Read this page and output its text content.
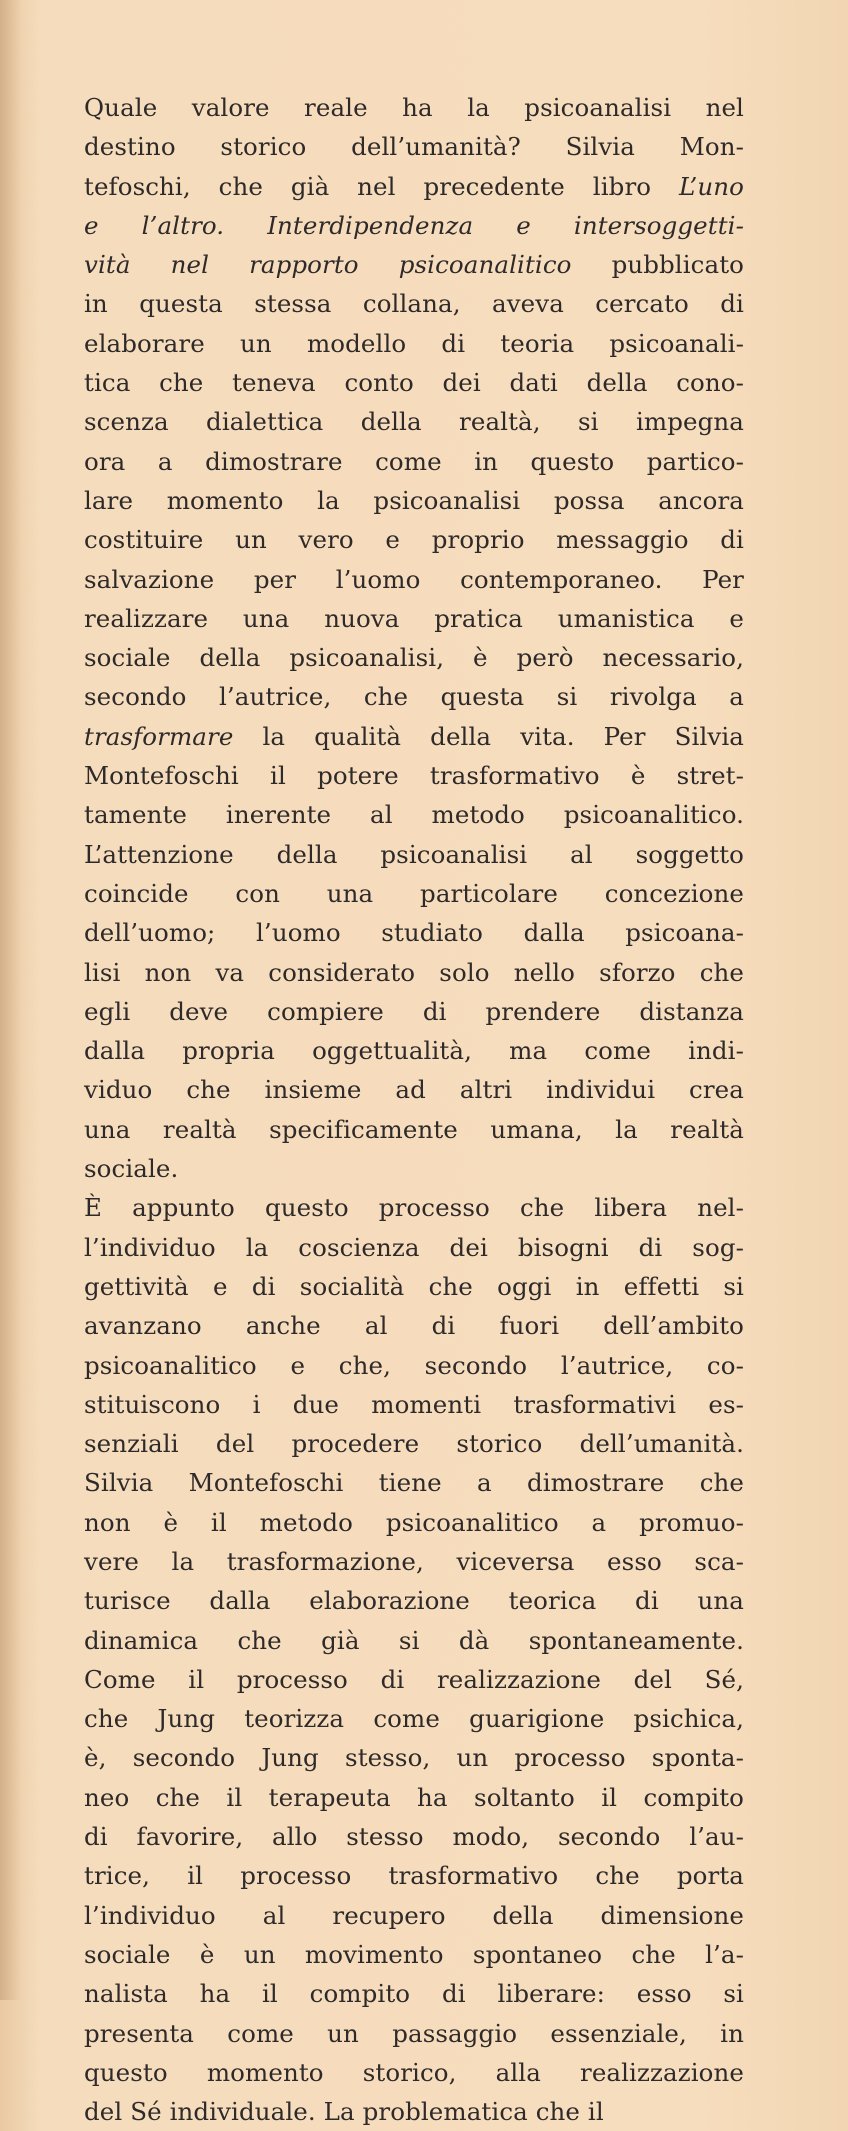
Quale valore reale ha la psicoanalisi nel
destino storico dell’umanità? Silvia Mon-
tefoschi, che già nel precedente libro L’uno
e l’altro. Interdipendenza e intersoggetti-
vità nel rapporto psicoanalitico pubblicato
in questa stessa collana, aveva cercato di
elaborare un modello di teoria psicoanali-
tica che teneva conto dei dati della cono-
scenza dialettica della realtà, si impegna
ora a dimostrare come in questo partico-
lare momento la psicoanalisi possa ancora
costituire un vero e proprio messaggio di
salvazione per l’uomo contemporaneo. Per
realizzare una nuova pratica umanistica e
sociale della psicoanalisi, è però necessario,
secondo l’autrice, che questa si rivolga a
trasformare la qualità della vita. Per Silvia
Montefoschi il potere trasformativo è stret-
tamente inerente al metodo psicoanalitico.
L’attenzione della psicoanalisi al soggetto
coincide con una particolare concezione
dell’uomo; l’uomo studiato dalla psicoana-
lisi non va considerato solo nello sforzo che
egli deve compiere di prendere distanza
dalla propria oggettualità, ma come indi-
viduo che insieme ad altri individui crea
una realtà specificamente umana, la realtà
sociale.
È appunto questo processo che libera nel-
l’individuo la coscienza dei bisogni di sog-
gettività e di socialità che oggi in effetti si
avanzano anche al di fuori dell’ambito
psicoanalitico e che, secondo l’autrice, co-
stituiscono i due momenti trasformativi es-
senziali del procedere storico dell’umanità.
Silvia Montefoschi tiene a dimostrare che
non è il metodo psicoanalitico a promuo-
vere la trasformazione, viceversa esso sca-
turisce dalla elaborazione teorica di una
dinamica che già si dà spontaneamente.
Come il processo di realizzazione del Sé,
che Jung teorizza come guarigione psichica,
è, secondo Jung stesso, un processo sponta-
neo che il terapeuta ha soltanto il compito
di favorire, allo stesso modo, secondo l’au-
trice, il processo trasformativo che porta
l’individuo al recupero della dimensione
sociale è un movimento spontaneo che l’a-
nalista ha il compito di liberare: esso si
presenta come un passaggio essenziale, in
questo momento storico, alla realizzazione
del Sé individuale. La problematica che il
